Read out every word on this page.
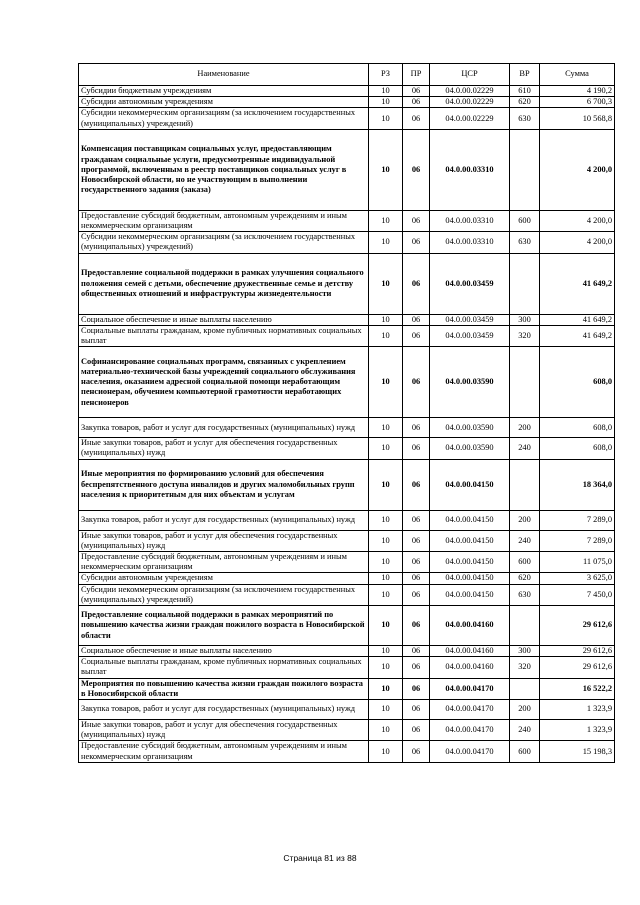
Наименование	РЗ	ПР	ЦСР	ВР	Сумма
Субсидии бюджетным учреждениям	10	06	04.0.00.02229	610	4 190,2
Субсидии автономным учреждениям	10	06	04.0.00.02229	620	6 700,3
Субсидии некоммерческим организациям (за исключением государственных (муниципальных) учреждений)	10	06	04.0.00.02229	630	10 568,8
Компенсация поставщикам социальных услуг, предоставляющим гражданам социальные услуги, предусмотренные индивидуальной программой, включенным в реестр поставщиков социальных услуг в Новосибирской области, но не участвующим в выполнении государственного задания (заказа)	10	06	04.0.00.03310		4 200,0
Предоставление субсидий бюджетным, автономным учреждениям и иным некоммерческим организациям	10	06	04.0.00.03310	600	4 200,0
Субсидии некоммерческим организациям (за исключением государственных (муниципальных) учреждений)	10	06	04.0.00.03310	630	4 200,0
Предоставление социальной поддержки в рамках улучшения социального положения семей с детьми, обеспечение дружественные семье и детству общественных отношений и инфраструктуры жизнедеятельности	10	06	04.0.00.03459		41 649,2
Социальное обеспечение и иные выплаты населению	10	06	04.0.00.03459	300	41 649,2
Социальные выплаты гражданам, кроме публичных нормативных социальных выплат	10	06	04.0.00.03459	320	41 649,2
Софинансирование социальных программ, связанных с укреплением материально-технической базы учреждений социального обслуживания населения, оказанием адресной социальной помощи неработающим пенсионерам, обучением компьютерной грамотности неработающих пенсионеров	10	06	04.0.00.03590		608,0
Закупка товаров, работ и услуг для государственных (муниципальных) нужд	10	06	04.0.00.03590	200	608,0
Иные закупки товаров, работ и услуг для обеспечения государственных (муниципальных) нужд	10	06	04.0.00.03590	240	608,0
Иные мероприятия по формированию условий для обеспечения беспрепятственного доступа инвалидов и других маломобильных групп населения к приоритетным для них объектам и услугам	10	06	04.0.00.04150		18 364,0
Закупка товаров, работ и услуг для государственных (муниципальных) нужд	10	06	04.0.00.04150	200	7 289,0
Иные закупки товаров, работ и услуг для обеспечения государственных (муниципальных) нужд	10	06	04.0.00.04150	240	7 289,0
Предоставление субсидий бюджетным, автономным учреждениям и иным некоммерческим организациям	10	06	04.0.00.04150	600	11 075,0
Субсидии автономным учреждениям	10	06	04.0.00.04150	620	3 625,0
Субсидии некоммерческим организациям (за исключением государственных (муниципальных) учреждений)	10	06	04.0.00.04150	630	7 450,0
Предоставление социальной поддержки в рамках мероприятий по повышению качества жизни граждан пожилого возраста в Новосибирской области	10	06	04.0.00.04160		29 612,6
Социальное обеспечение и иные выплаты населению	10	06	04.0.00.04160	300	29 612,6
Социальные выплаты гражданам, кроме публичных нормативных социальных выплат	10	06	04.0.00.04160	320	29 612,6
Мероприятия по повышению качества жизни граждан пожилого возраста в Новосибирской области	10	06	04.0.00.04170		16 522,2
Закупка товаров, работ и услуг для государственных (муниципальных) нужд	10	06	04.0.00.04170	200	1 323,9
Иные закупки товаров, работ и услуг для обеспечения государственных (муниципальных) нужд	10	06	04.0.00.04170	240	1 323,9
Предоставление субсидий бюджетным, автономным учреждениям и иным некоммерческим организациям	10	06	04.0.00.04170	600	15 198,3
Страница 81 из 88
